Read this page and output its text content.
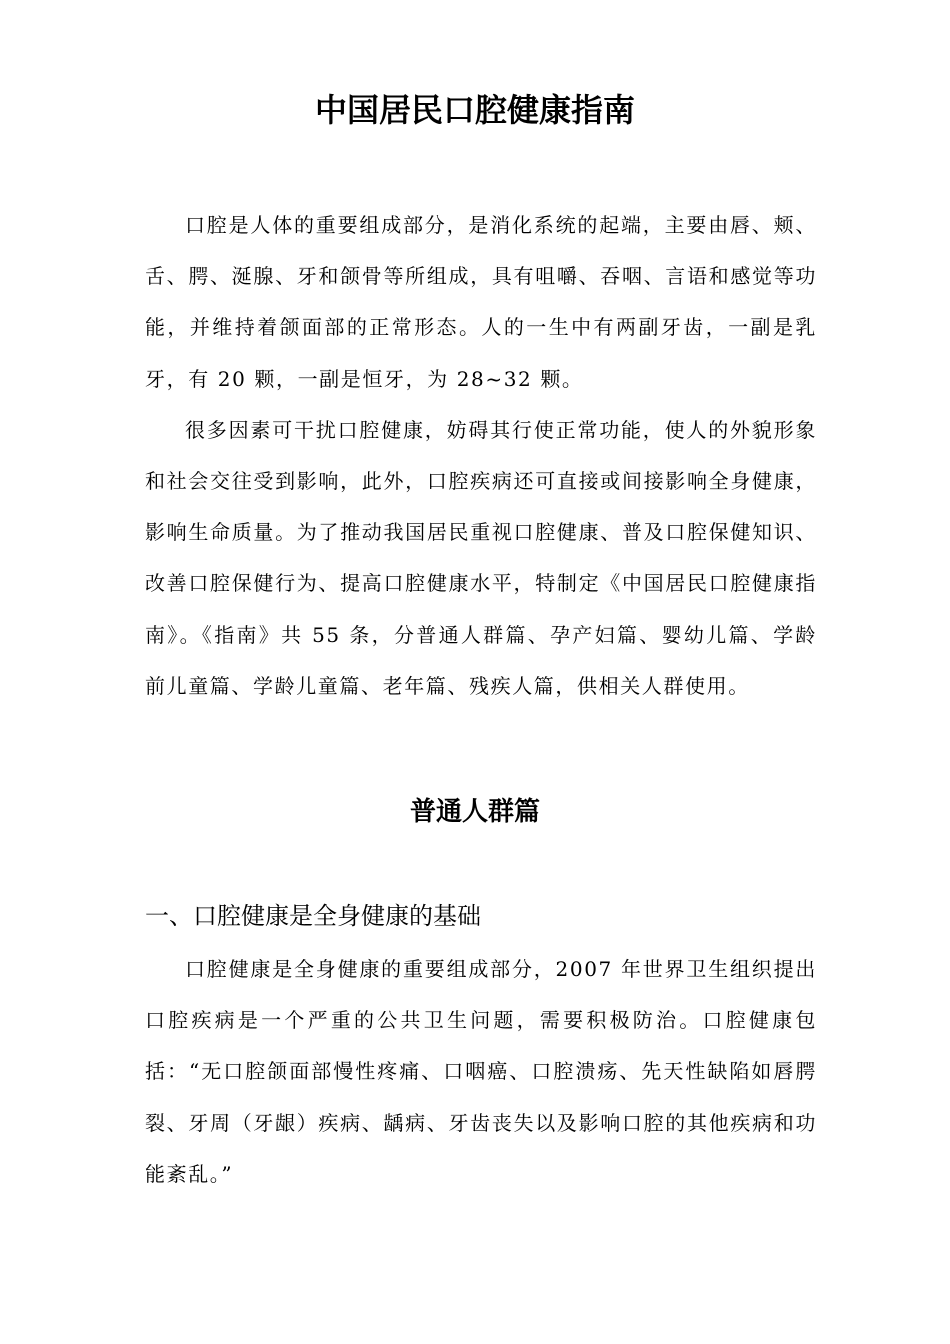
中国居民口腔健康指南

口腔是人体的重要组成部分，是消化系统的起端，主要由唇、颊、舌、腭、涎腺、牙和颌骨等所组成，具有咀嚼、吞咽、言语和感觉等功能，并维持着颌面部的正常形态。人的一生中有两副牙齿，一副是乳牙，有 20 颗，一副是恒牙，为 28~32 颗。

很多因素可干扰口腔健康，妨碍其行使正常功能，使人的外貌形象和社会交往受到影响，此外，口腔疾病还可直接或间接影响全身健康，影响生命质量。为了推动我国居民重视口腔健康、普及口腔保健知识、改善口腔保健行为、提高口腔健康水平，特制定《中国居民口腔健康指南》。《指南》共 55 条，分普通人群篇、孕产妇篇、婴幼儿篇、学龄前儿童篇、学龄儿童篇、老年篇、残疾人篇，供相关人群使用。

普通人群篇
一、口腔健康是全身健康的基础

口腔健康是全身健康的重要组成部分，2007 年世界卫生组织提出口腔疾病是一个严重的公共卫生问题，需要积极防治。口腔健康包括：“无口腔颌面部慢性疼痛、口咽癌、口腔溃疡、先天性缺陷如唇腭裂、牙周（牙龈）疾病、龋病、牙齿丧失以及影响口腔的其他疾病和功能紊乱。”
